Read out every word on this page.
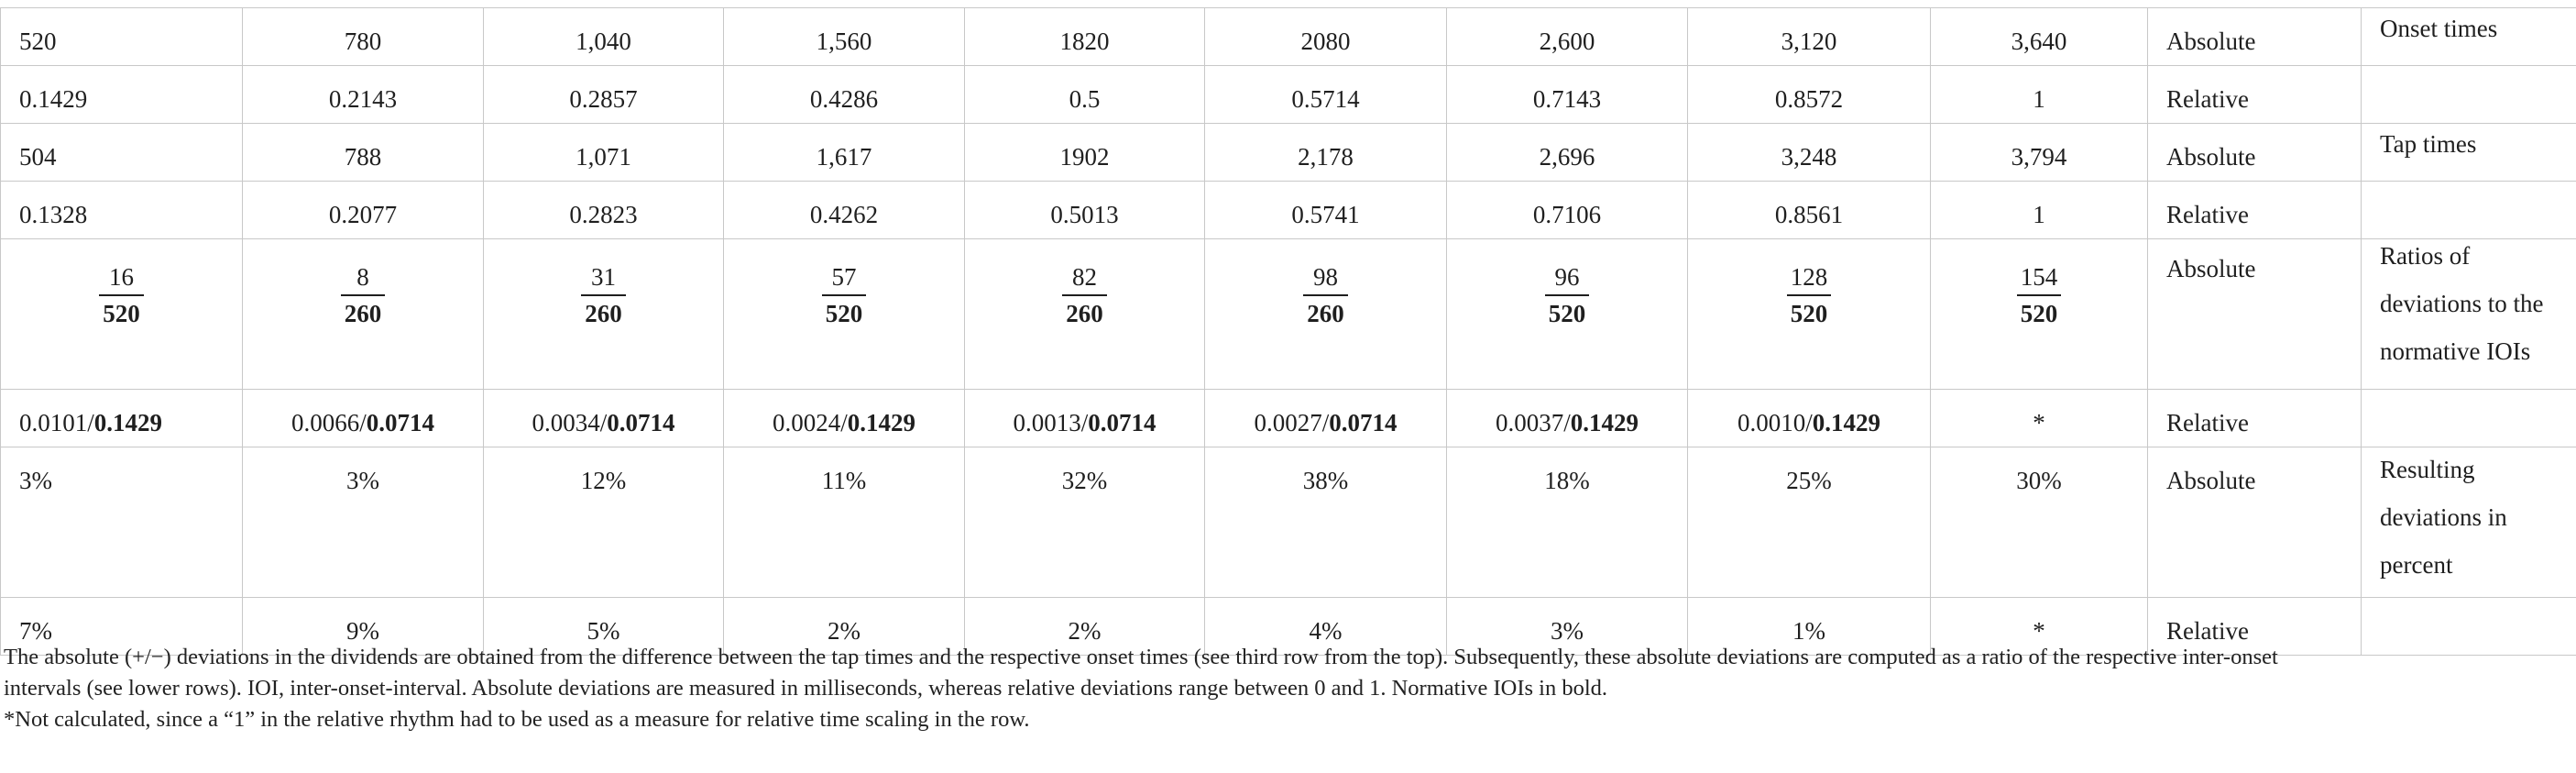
520	780	1,040	1,560	1820	2080	2,600	3,120	3,640	Absolute	Onset times

0.1429	0.2143	0.2857	0.4286	0.5	0.5714	0.7143	0.8572	1	Relative	
504	788	1,071	1,617	1902	2,178	2,696	3,248	3,794	Absolute	Tap times

0.1328	0.2077	0.2823	0.4262	0.5013	0.5741	0.7106	0.8561	1	Relative	

$\frac{16}{520}$	$\frac{8}{260}$	$\frac{31}{260}$	$\frac{57}{520}$	$\frac{82}{260}$	$\frac{98}{260}$	$\frac{96}{520}$	$\frac{128}{520}$	$\frac{154}{520}$	Absolute	Ratios of
deviations to the
normative IOIs

0.0101/0.1429	0.0066/0.0714	0.0034/0.0714	0.0024/0.1429	0.0013/0.0714	0.0027/0.0714	0.0037/0.1429	0.0010/0.1429	*	Relative	
3%	3%	12%	11%	32%	38%	18%	25%	30%	Absolute	Resulting
deviations in
percent

7%	9%	5%	2%	2%	4%	3%	1%	*	Relative	

The absolute (+/−) deviations in the dividends are obtained from the difference between the tap times and the respective onset times (see third row from the top). Subsequently, these absolute deviations are computed as a ratio of the respective inter-onset

intervals (see lower rows). IOI, inter-onset-interval. Absolute deviations are measured in milliseconds, whereas relative deviations range between 0 and 1. Normative IOIs in bold.

*Not calculated, since a “1” in the relative rhythm had to be used as a measure for relative time scaling in the row.
